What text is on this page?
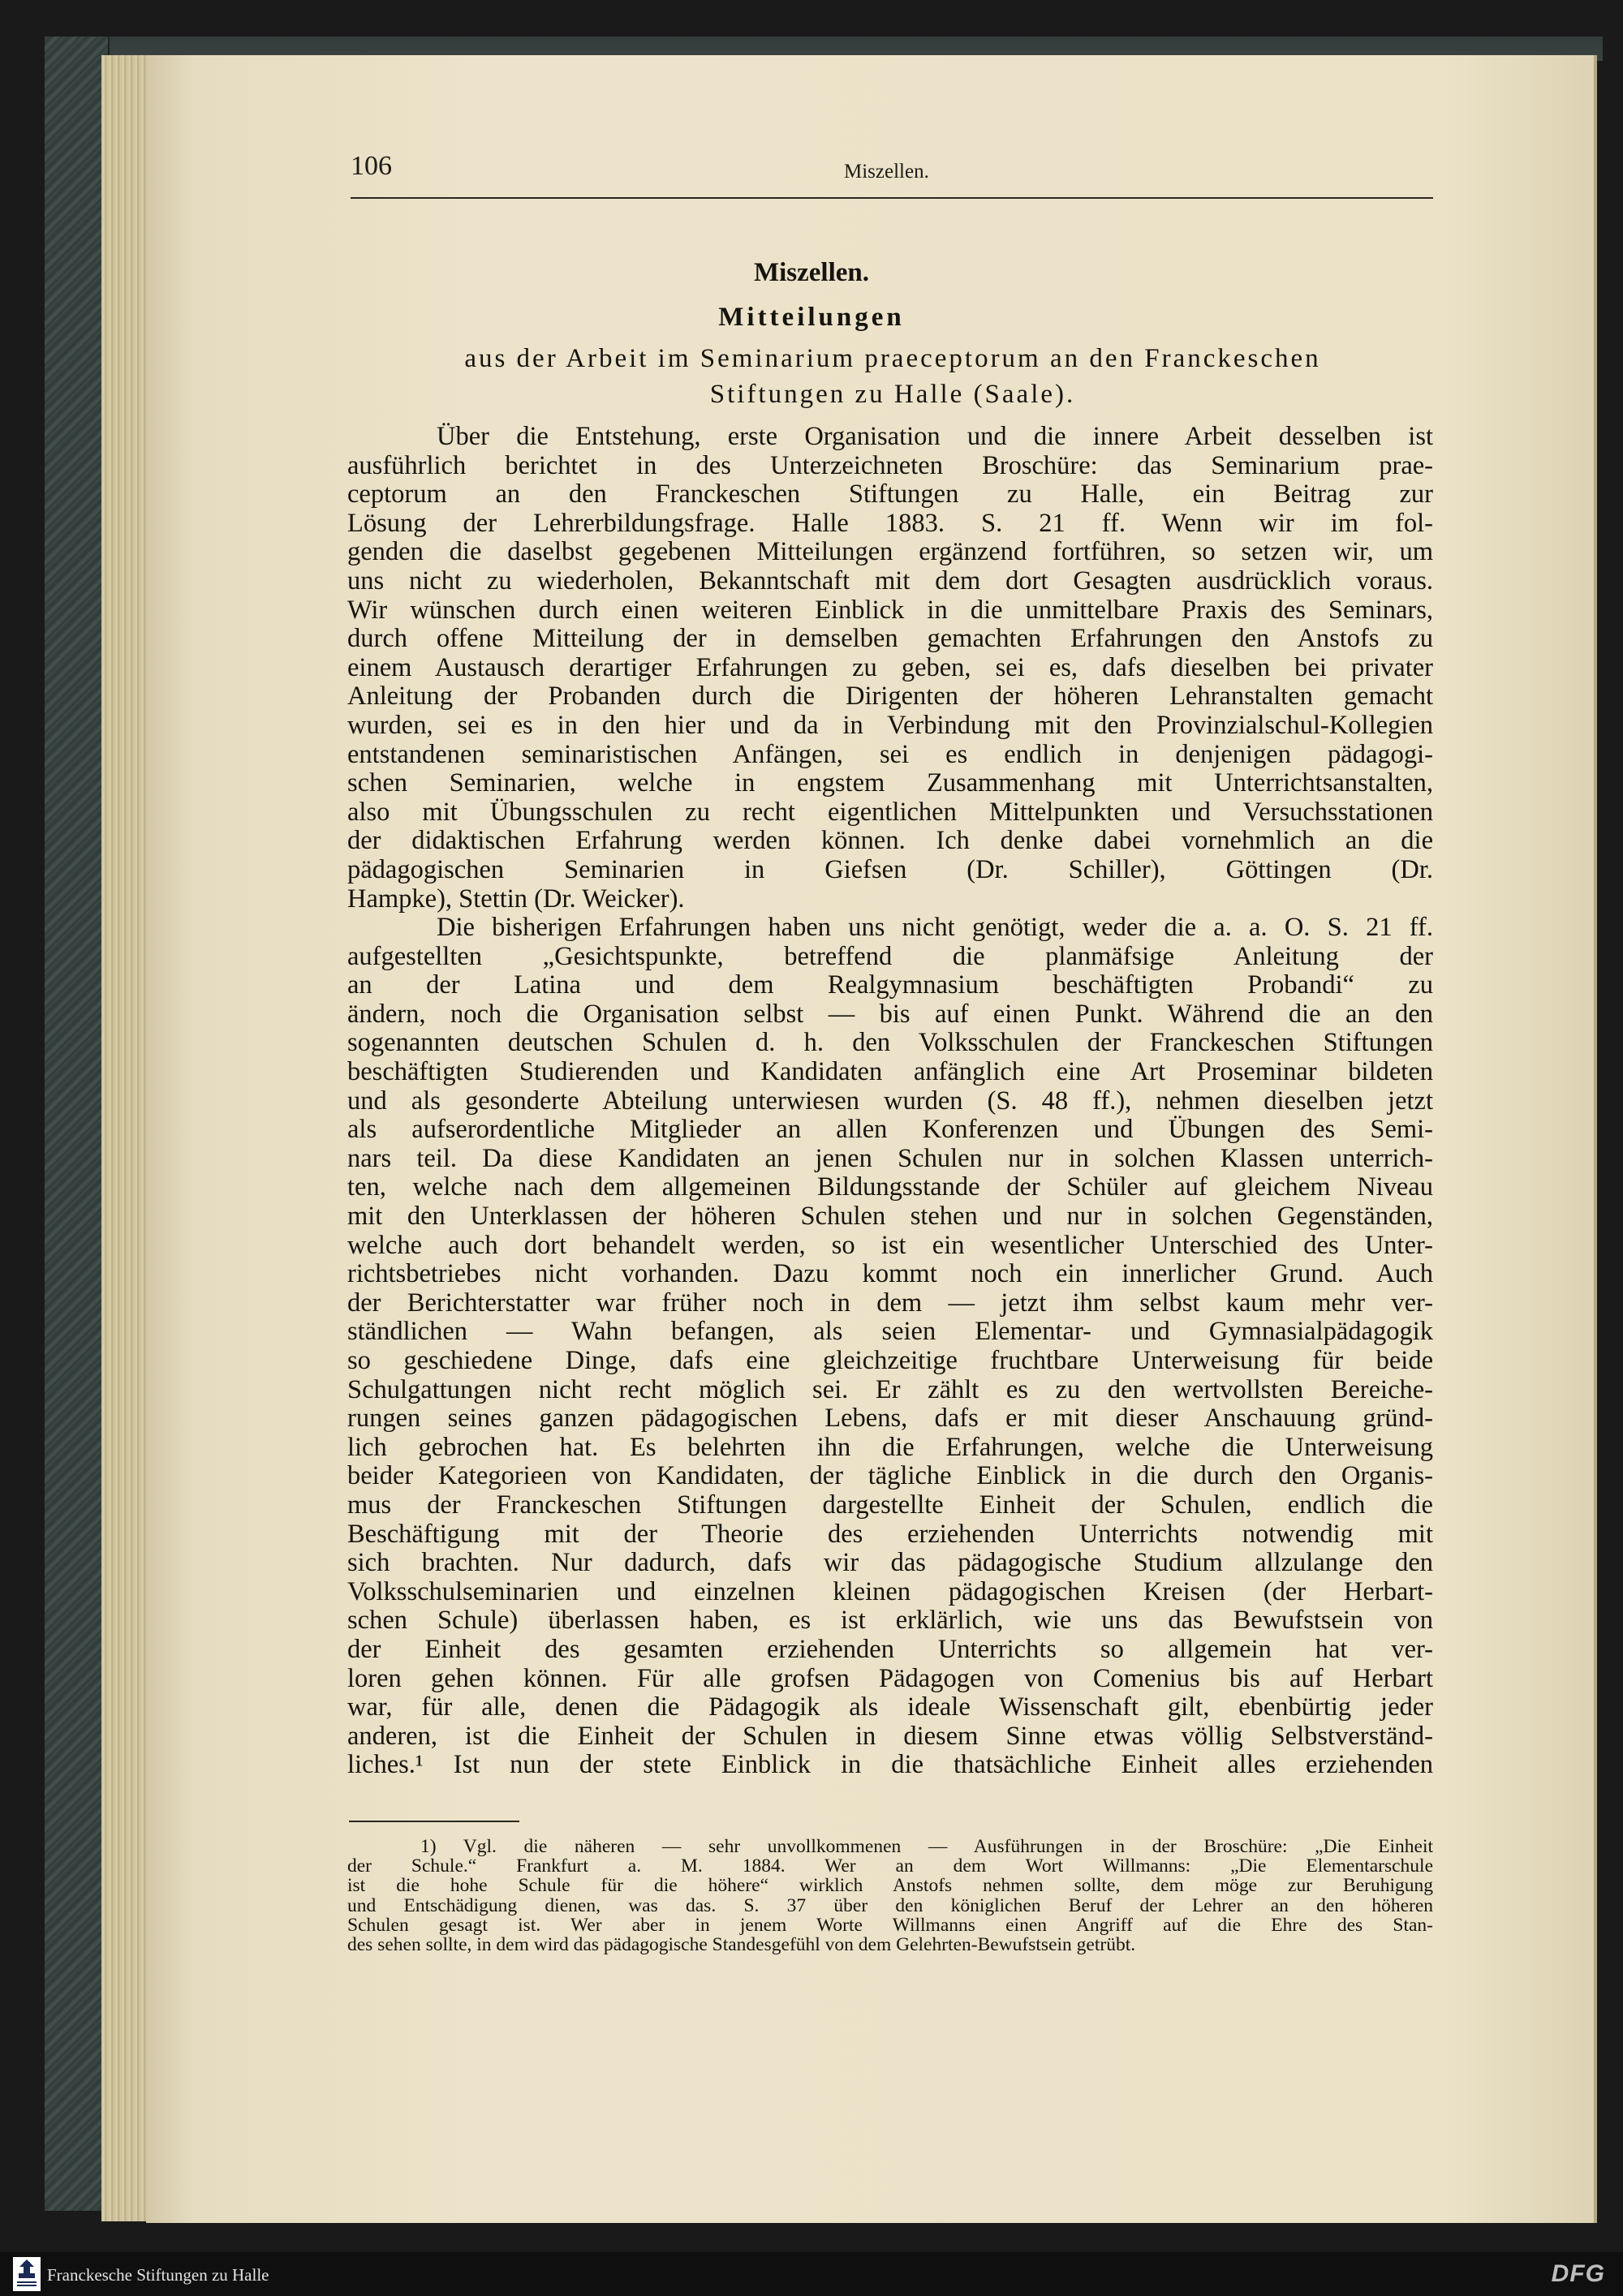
106	Miszellen.
Miszellen.
Mitteilungen
aus der Arbeit im Seminarium praeceptorum an den Franckeschen
Stiftungen zu Halle (Saale).
Über die Entstehung, erste Organisation und die innere Arbeit desselben ist
ausführlich berichtet in des Unterzeichneten Broschüre: das Seminarium prae-
ceptorum an den Franckeschen Stiftungen zu Halle, ein Beitrag zur
Lösung der Lehrerbildungsfrage. Halle 1883. S. 21 ff. Wenn wir im fol-
genden die daselbst gegebenen Mitteilungen ergänzend fortführen, so setzen wir, um
uns nicht zu wiederholen, Bekanntschaft mit dem dort Gesagten ausdrücklich voraus.
Wir wünschen durch einen weiteren Einblick in die unmittelbare Praxis des Seminars,
durch offene Mitteilung der in demselben gemachten Erfahrungen den Anstofs zu
einem Austausch derartiger Erfahrungen zu geben, sei es, dafs dieselben bei privater
Anleitung der Probanden durch die Dirigenten der höheren Lehranstalten gemacht
wurden, sei es in den hier und da in Verbindung mit den Provinzialschul-Kollegien
entstandenen seminaristischen Anfängen, sei es endlich in denjenigen pädagogi-
schen Seminarien, welche in engstem Zusammenhang mit Unterrichtsanstalten,
also mit Übungsschulen zu recht eigentlichen Mittelpunkten und Versuchsstationen
der didaktischen Erfahrung werden können. Ich denke dabei vornehmlich an die
pädagogischen Seminarien in Giefsen (Dr. Schiller), Göttingen (Dr.
Hampke), Stettin (Dr. Weicker).
Die bisherigen Erfahrungen haben uns nicht genötigt, weder die a. a. O. S. 21 ff.
aufgestellten „Gesichtspunkte, betreffend die planmäfsige Anleitung der
an der Latina und dem Realgymnasium beschäftigten Probandi“ zu
ändern, noch die Organisation selbst — bis auf einen Punkt. Während die an den
sogenannten deutschen Schulen d. h. den Volksschulen der Franckeschen Stiftungen
beschäftigten Studierenden und Kandidaten anfänglich eine Art Proseminar bildeten
und als gesonderte Abteilung unterwiesen wurden (S. 48 ff.), nehmen dieselben jetzt
als aufserordentliche Mitglieder an allen Konferenzen und Übungen des Semi-
nars teil. Da diese Kandidaten an jenen Schulen nur in solchen Klassen unterrich-
ten, welche nach dem allgemeinen Bildungsstande der Schüler auf gleichem Niveau
mit den Unterklassen der höheren Schulen stehen und nur in solchen Gegenständen,
welche auch dort behandelt werden, so ist ein wesentlicher Unterschied des Unter-
richtsbetriebes nicht vorhanden. Dazu kommt noch ein innerlicher Grund. Auch
der Berichterstatter war früher noch in dem — jetzt ihm selbst kaum mehr ver-
ständlichen — Wahn befangen, als seien Elementar- und Gymnasialpädagogik
so geschiedene Dinge, dafs eine gleichzeitige fruchtbare Unterweisung für beide
Schulgattungen nicht recht möglich sei. Er zählt es zu den wertvollsten Bereiche-
rungen seines ganzen pädagogischen Lebens, dafs er mit dieser Anschauung gründ-
lich gebrochen hat. Es belehrten ihn die Erfahrungen, welche die Unterweisung
beider Kategorieen von Kandidaten, der tägliche Einblick in die durch den Organis-
mus der Franckeschen Stiftungen dargestellte Einheit der Schulen, endlich die
Beschäftigung mit der Theorie des erziehenden Unterrichts notwendig mit
sich brachten. Nur dadurch, dafs wir das pädagogische Studium allzulange den
Volksschulseminarien und einzelnen kleinen pädagogischen Kreisen (der Herbart-
schen Schule) überlassen haben, es ist erklärlich, wie uns das Bewufstsein von
der Einheit des gesamten erziehenden Unterrichts so allgemein hat ver-
loren gehen können. Für alle grofsen Pädagogen von Comenius bis auf Herbart
war, für alle, denen die Pädagogik als ideale Wissenschaft gilt, ebenbürtig jeder
anderen, ist die Einheit der Schulen in diesem Sinne etwas völlig Selbstverständ-
liches.¹ Ist nun der stete Einblick in die thatsächliche Einheit alles erziehenden
1) Vgl. die näheren — sehr unvollkommenen — Ausführungen in der Broschüre: „Die Einheit
der Schule.“ Frankfurt a. M. 1884. Wer an dem Wort Willmanns: „Die Elementarschule
ist die hohe Schule für die höhere“ wirklich Anstofs nehmen sollte, dem möge zur Beruhigung
und Entschädigung dienen, was das. S. 37 über den königlichen Beruf der Lehrer an den höheren
Schulen gesagt ist. Wer aber in jenem Worte Willmanns einen Angriff auf die Ehre des Stan-
des sehen sollte, in dem wird das pädagogische Standesgefühl von dem Gelehrten-Bewufstsein getrübt.
Franckesche Stiftungen zu Halle	DFG
